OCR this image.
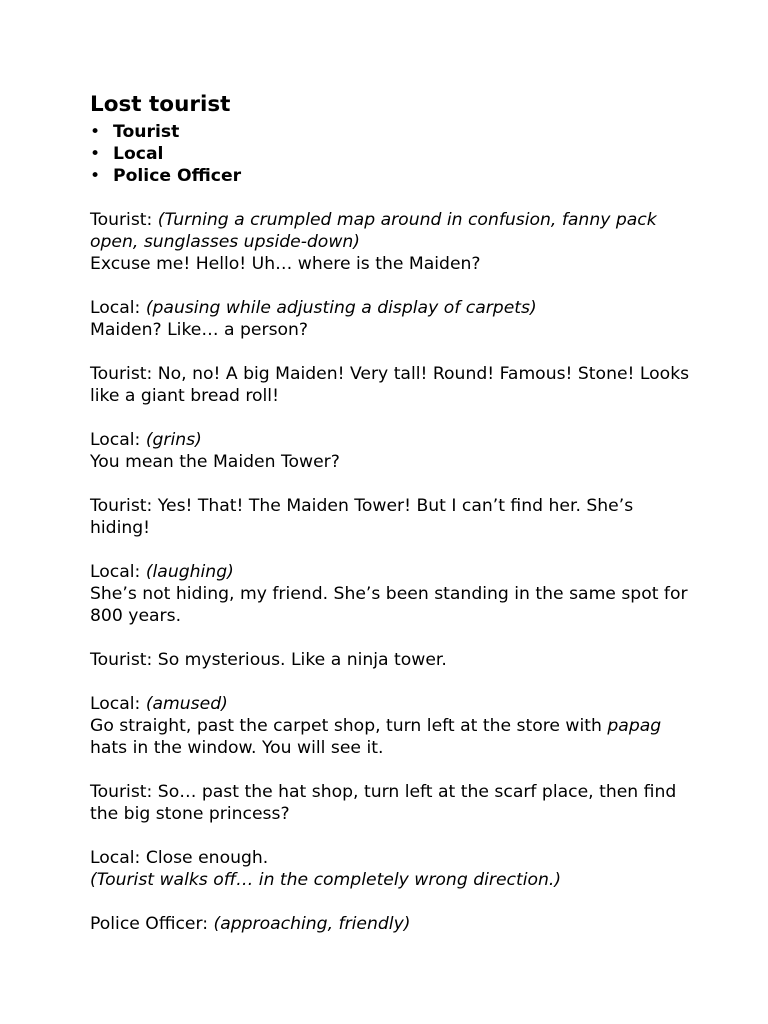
Lost tourist
• Tourist
• Local
• Police Officer
Tourist: (Turning a crumpled map around in confusion, fanny pack open, sunglasses upside-down)
Excuse me! Hello! Uh… where is the Maiden?
Local: (pausing while adjusting a display of carpets)
Maiden? Like… a person?
Tourist: No, no! A big Maiden! Very tall! Round! Famous! Stone! Looks like a giant bread roll!
Local: (grins)
You mean the Maiden Tower?
Tourist: Yes! That! The Maiden Tower! But I can’t find her. She’s hiding!
Local: (laughing)
She’s not hiding, my friend. She’s been standing in the same spot for 800 years.
Tourist: So mysterious. Like a ninja tower.
Local: (amused)
Go straight, past the carpet shop, turn left at the store with papag hats in the window. You will see it.
Tourist: So… past the hat shop, turn left at the scarf place, then find the big stone princess?
Local: Close enough.
(Tourist walks off… in the completely wrong direction.)
Police Officer: (approaching, friendly)
